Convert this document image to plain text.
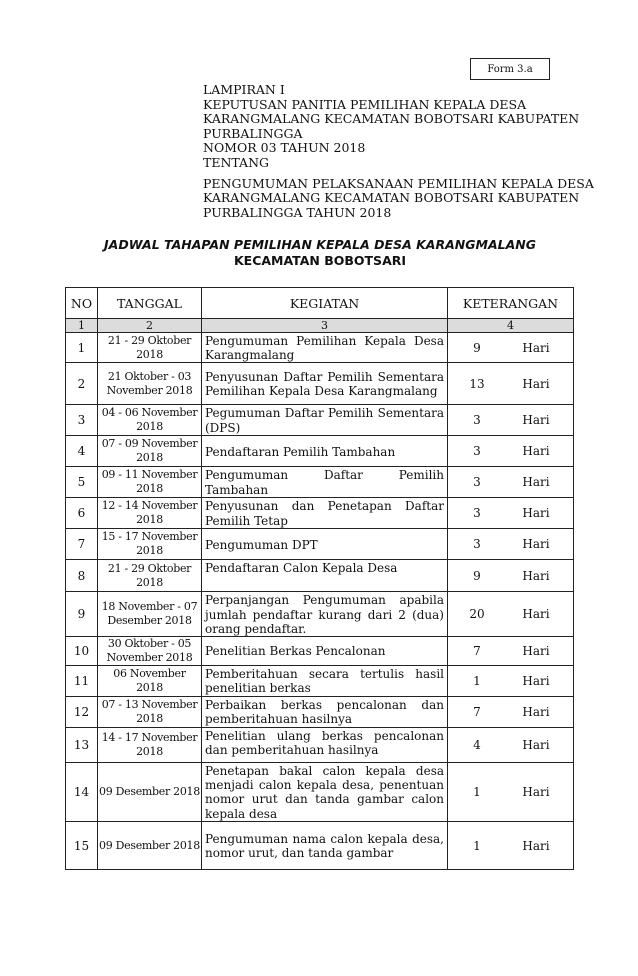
Form 3.a
LAMPIRAN I
KEPUTUSAN PANITIA PEMILIHAN KEPALA DESA
KARANGMALANG KECAMATAN BOBOTSARI KABUPATEN
PURBALINGGA
NOMOR 03 TAHUN 2018
TENTANG
PENGUMUMAN PELAKSANAAN PEMILIHAN KEPALA DESA
KARANGMALANG KECAMATAN BOBOTSARI KABUPATEN
PURBALINGGA TAHUN 2018
JADWAL TAHAPAN PEMILIHAN KEPALA DESA KARANGMALANG
KECAMATAN BOBOTSARI
NO	TANGGAL	KEGIATAN	KETERANGAN

1	2	3	4
1	21 - 29 Oktober 2018	Pengumuman Pemilihan Kepala Desa Karangmalang	9 Hari

2	21 Oktober - 03 November 2018	Penyusunan Daftar Pemilih Sementara Pemilihan Kepala Desa Karangmalang	13 Hari

3	04 - 06 November 2018	Pegumuman Daftar Pemilih Sementara (DPS)	3 Hari

4	07 - 09 November 2018	Pendaftaran Pemilih Tambahan	3 Hari

5	09 - 11 November 2018	Pengumuman Daftar Pemilih Tambahan	3 Hari

6	12 - 14 November 2018	Penyusunan dan Penetapan Daftar Pemilih Tetap	3 Hari

7	15 - 17 November 2018	Pengumuman DPT	3 Hari

8	21 - 29 Oktober 2018	Pendaftaran Calon Kepala Desa	9 Hari

9	18 November - 07 Desember 2018	Perpanjangan Pengumuman apabila jumlah pendaftar kurang dari 2 (dua) orang pendaftar.	20 Hari

10	30 Oktober - 05 November 2018	Penelitian Berkas Pencalonan	7 Hari

11	06 November 2018	Pemberitahuan secara tertulis hasil penelitian berkas	1 Hari

12	07 - 13 November 2018	Perbaikan berkas pencalonan dan pemberitahuan hasilnya	7 Hari

13	14 - 17 November 2018	Penelitian ulang berkas pencalonan dan pemberitahuan hasilnya	4 Hari

14	09 Desember 2018	Penetapan bakal calon kepala desa menjadi calon kepala desa, penentuan nomor urut dan tanda gambar calon kepala desa	1 Hari

15	09 Desember 2018	Pengumuman nama calon kepala desa, nomor urut, dan tanda gambar	1 Hari
